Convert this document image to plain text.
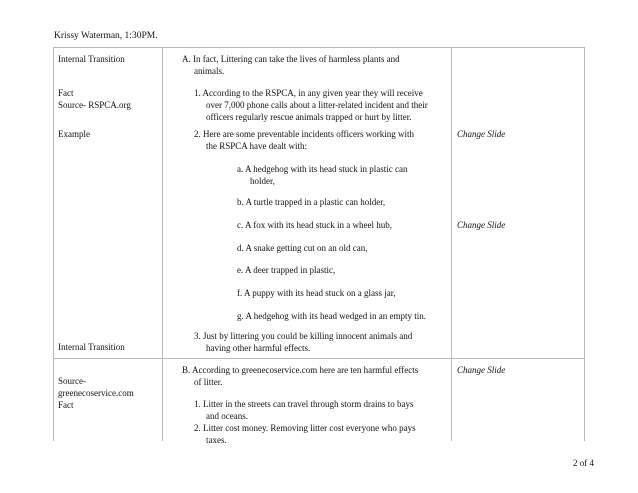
Krissy Waterman, 1:30PM.
Internal Transition
Fact
Source- RSPCA.org
Example
Internal Transition
Source-
greenecoservice.com
Fact
A. In fact, Littering can take the lives of harmless plants and
animals.
1. According to the RSPCA, in any given year they will receive
over 7,000 phone calls about a litter-related incident and their
officers regularly rescue animals trapped or hurt by litter.
2. Here are some preventable incidents officers working with
the RSPCA have dealt with:
a. A hedgehog with its head stuck in plastic can
holder,
b. A turtle trapped in a plastic can holder,
c. A fox with its head stuck in a wheel hub,
d. A snake getting cut on an old can,
e. A deer trapped in plastic,
f. A puppy with its head stuck on a glass jar,
g. A hedgehog with its head wedged in an empty tin.
3. Just by littering you could be killing innocent animals and
having other harmful effects.
B. According to greenecoservice.com here are ten harmful effects
of litter.
1. Litter in the streets can travel through storm drains to bays
and oceans.
2. Litter cost money. Removing litter cost everyone who pays
taxes.
Change Slide
Change Slide
Change Slide
2 of 4
